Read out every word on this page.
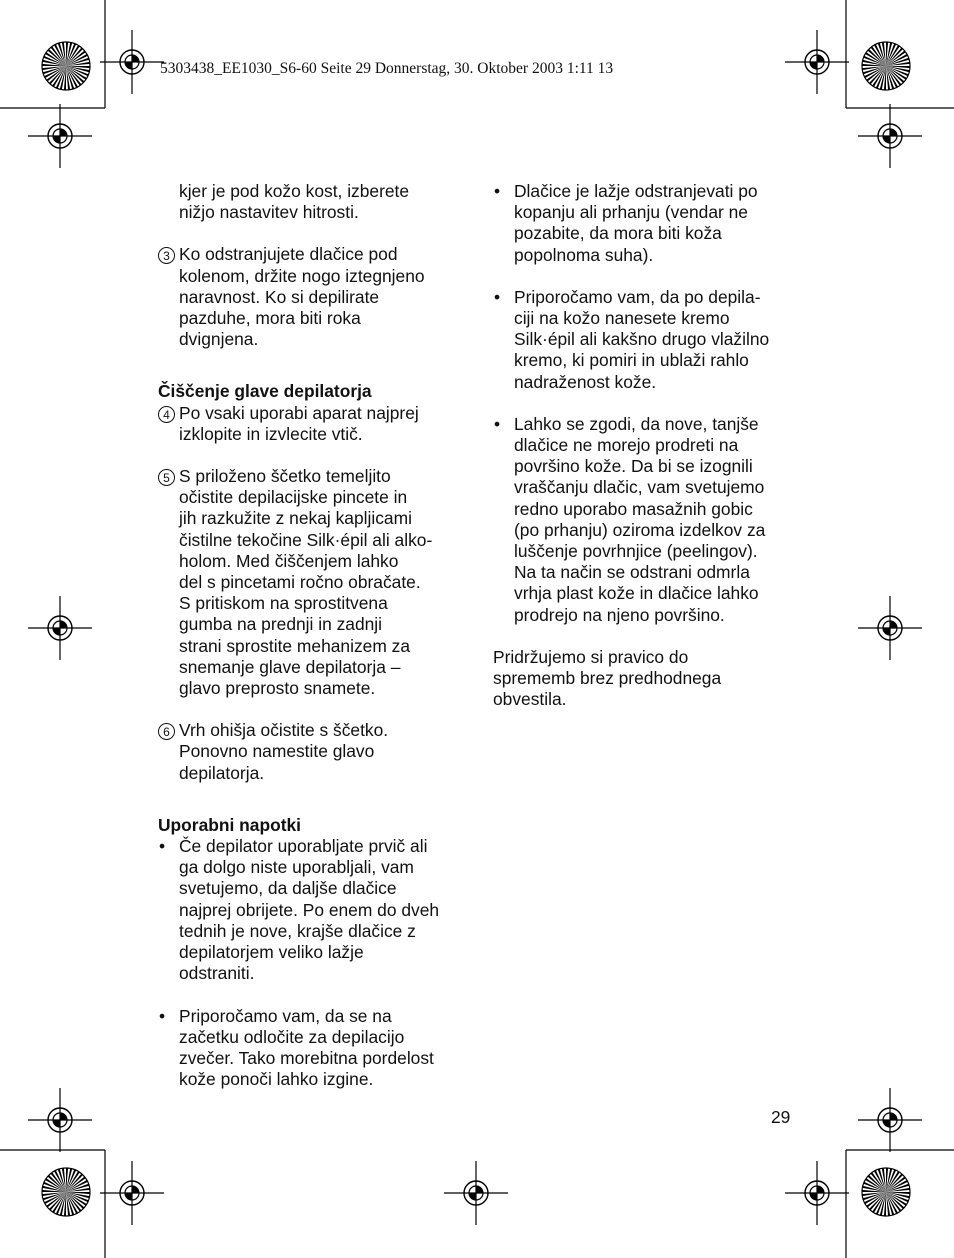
5303438_EE1030_S6-60 Seite 29 Donnerstag, 30. Oktober 2003 1:11 13
kjer je pod kožo kost, izberete
nižjo nastavitev hitrosti.
3 Ko odstranjujete dlačice pod
kolenom, držite nogo iztegnjeno
naravnost. Ko si depilirate
pazduhe, mora biti roka
dvignjena.
Čiščenje glave depilatorja
4 Po vsaki uporabi aparat najprej
izklopite in izvlecite vtič.
5 S priloženo ščetko temeljito
očistite depilacijske pincete in
jih razkužite z nekaj kapljicami
čistilne tekočine Silk·épil ali alko-
holom. Med čiščenjem lahko
del s pincetami ročno obračate.
S pritiskom na sprostitvena
gumba na prednji in zadnji
strani sprostite mehanizem za
snemanje glave depilatorja –
glavo preprosto snamete.
6 Vrh ohišja očistite s ščetko.
Ponovno namestite glavo
depilatorja.
Uporabni napotki
• Če depilator uporabljate prvič ali
ga dolgo niste uporabljali, vam
svetujemo, da daljše dlačice
najprej obrijete. Po enem do dveh
tednih je nove, krajše dlačice z
depilatorjem veliko lažje
odstraniti.
• Priporočamo vam, da se na
začetku odločite za depilacijo
zvečer. Tako morebitna pordelost
kože ponoči lahko izgine.
• Dlačice je lažje odstranjevati po
kopanju ali prhanju (vendar ne
pozabite, da mora biti koža
popolnoma suha).
• Priporočamo vam, da po depila-
ciji na kožo nanesete kremo
Silk·épil ali kakšno drugo vlažilno
kremo, ki pomiri in ublaži rahlo
nadraženost kože.
• Lahko se zgodi, da nove, tanjše
dlačice ne morejo prodreti na
površino kože. Da bi se izognili
vraščanju dlačic, vam svetujemo
redno uporabo masažnih gobic
(po prhanju) oziroma izdelkov za
luščenje povrhnjice (peelingov).
Na ta način se odstrani odmrla
vrhja plast kože in dlačice lahko
prodrejo na njeno površino.
Pridržujemo si pravico do
sprememb brez predhodnega
obvestila.
29
